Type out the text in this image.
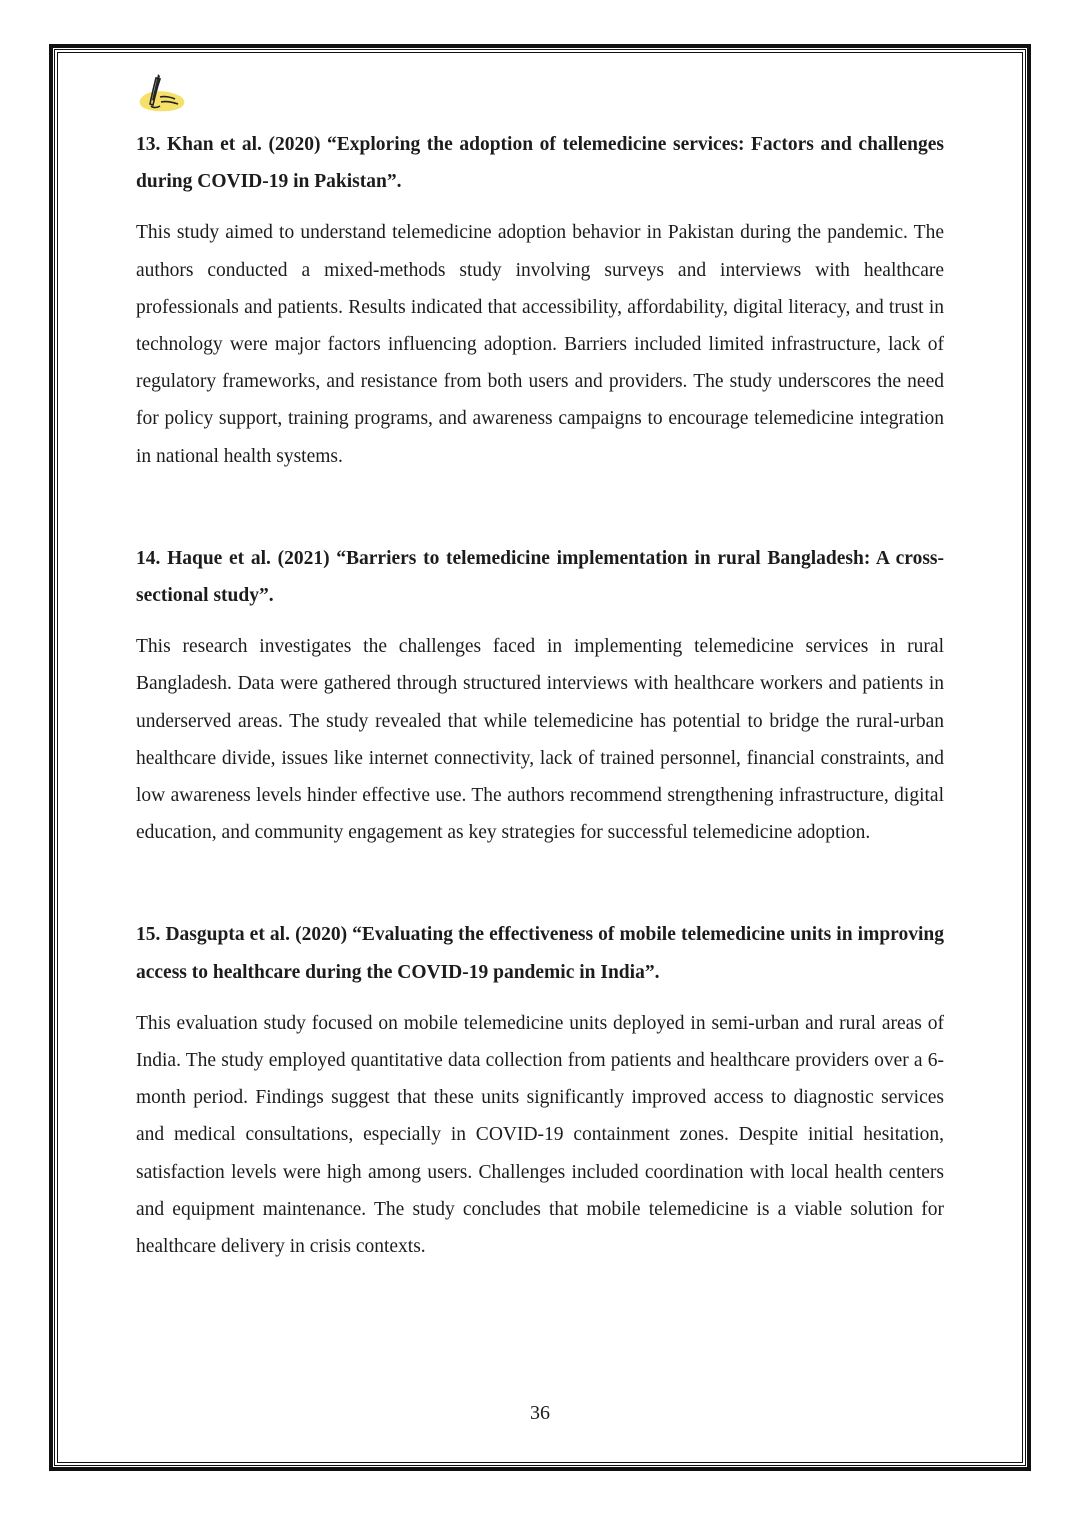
13. Khan et al. (2020) “Exploring the adoption of telemedicine services: Factors and challenges during COVID-19 in Pakistan”.

This study aimed to understand telemedicine adoption behavior in Pakistan during the pandemic. The authors conducted a mixed-methods study involving surveys and interviews with healthcare professionals and patients. Results indicated that accessibility, affordability, digital literacy, and trust in technology were major factors influencing adoption. Barriers included limited infrastructure, lack of regulatory frameworks, and resistance from both users and providers. The study underscores the need for policy support, training programs, and awareness campaigns to encourage telemedicine integration in national health systems.

14. Haque et al. (2021) “Barriers to telemedicine implementation in rural Bangladesh: A cross-sectional study”.

This research investigates the challenges faced in implementing telemedicine services in rural Bangladesh. Data were gathered through structured interviews with healthcare workers and patients in underserved areas. The study revealed that while telemedicine has potential to bridge the rural-urban healthcare divide, issues like internet connectivity, lack of trained personnel, financial constraints, and low awareness levels hinder effective use. The authors recommend strengthening infrastructure, digital education, and community engagement as key strategies for successful telemedicine adoption.

15. Dasgupta et al. (2020) “Evaluating the effectiveness of mobile telemedicine units in improving access to healthcare during the COVID-19 pandemic in India”.

This evaluation study focused on mobile telemedicine units deployed in semi-urban and rural areas of India. The study employed quantitative data collection from patients and healthcare providers over a 6-month period. Findings suggest that these units significantly improved access to diagnostic services and medical consultations, especially in COVID-19 containment zones. Despite initial hesitation, satisfaction levels were high among users. Challenges included coordination with local health centers and equipment maintenance. The study concludes that mobile telemedicine is a viable solution for healthcare delivery in crisis contexts.

36
